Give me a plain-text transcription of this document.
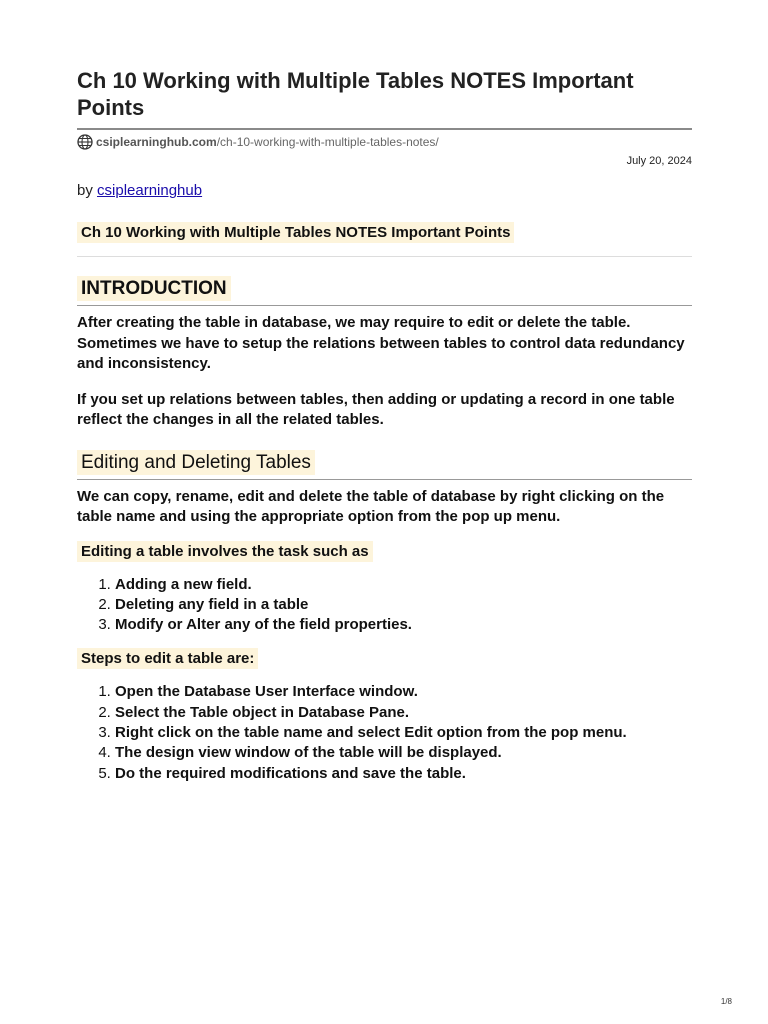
Ch 10 Working with Multiple Tables NOTES Important Points
csiplearninghub.com /ch-10-working-with-multiple-tables-notes/
July 20, 2024
by csiplearninghub
Ch 10 Working with Multiple Tables NOTES Important Points
INTRODUCTION

After creating the table in database, we may require to edit or delete the table. Sometimes we have to setup the relations between tables to control data redundancy and inconsistency.

If you set up relations between tables, then adding or updating a record in one table reflect the changes in all the related tables.

Editing and Deleting Tables

We can copy, rename, edit and delete the table of database by right clicking on the table name and using the appropriate option from the pop up menu.

Editing a table involves the task such as
1. Adding a new field.
2. Deleting any field in a table
3. Modify or Alter any of the field properties.
Steps to edit a table are:
1. Open the Database User Interface window.
2. Select the Table object in Database Pane.
3. Right click on the table name and select Edit option from the pop menu.
4. The design view window of the table will be displayed.
5. Do the required modifications and save the table.
1/8
